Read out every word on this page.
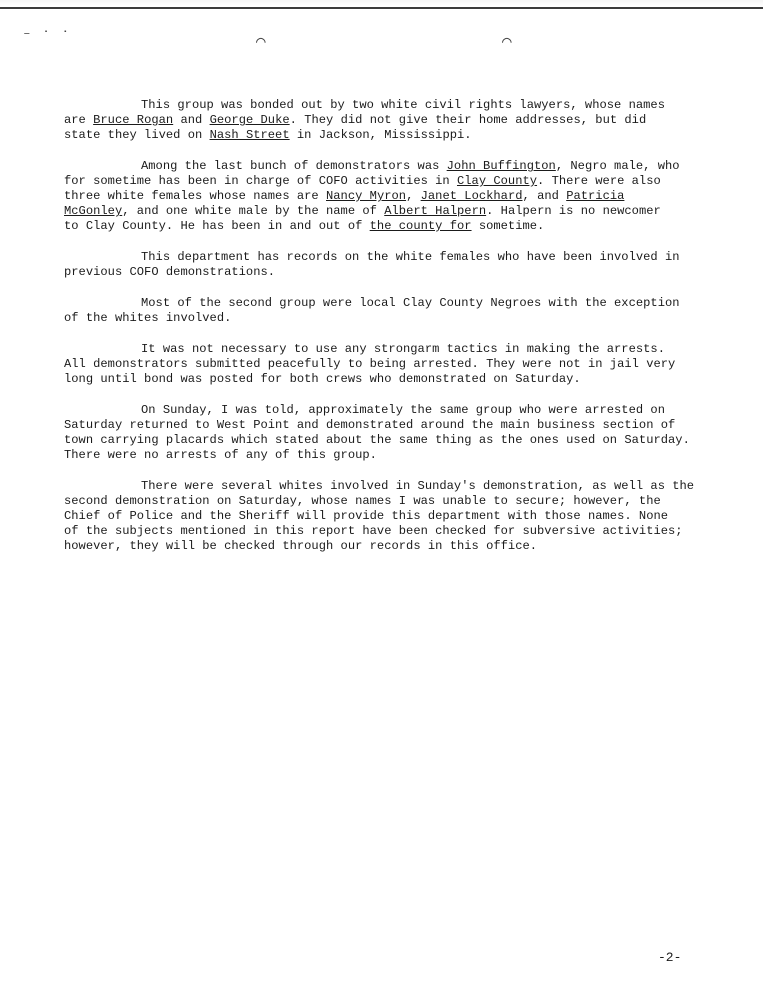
⁻ ˙ ˙	⌒	⌒

This group was bonded out by two white civil rights lawyers, whose names
are Bruce Rogan and George Duke. They did not give their home addresses, but did
state they lived on Nash Street in Jackson, Mississippi.

Among the last bunch of demonstrators was John Buffington, Negro male, who
for sometime has been in charge of COFO activities in Clay County. There were also
three white females whose names are Nancy Myron, Janet Lockhard, and Patricia
McGonley, and one white male by the name of Albert Halpern. Halpern is no newcomer
to Clay County. He has been in and out of the county for sometime.

This department has records on the white females who have been involved in
previous COFO demonstrations.

Most of the second group were local Clay County Negroes with the exception
of the whites involved.

It was not necessary to use any strongarm tactics in making the arrests.
All demonstrators submitted peacefully to being arrested. They were not in jail very
long until bond was posted for both crews who demonstrated on Saturday.

On Sunday, I was told, approximately the same group who were arrested on
Saturday returned to West Point and demonstrated around the main business section of
town carrying placards which stated about the same thing as the ones used on Saturday.
There were no arrests of any of this group.

There were several whites involved in Sunday's demonstration, as well as the
second demonstration on Saturday, whose names I was unable to secure; however, the
Chief of Police and the Sheriff will provide this department with those names. None
of the subjects mentioned in this report have been checked for subversive activities;
however, they will be checked through our records in this office.

-2-
